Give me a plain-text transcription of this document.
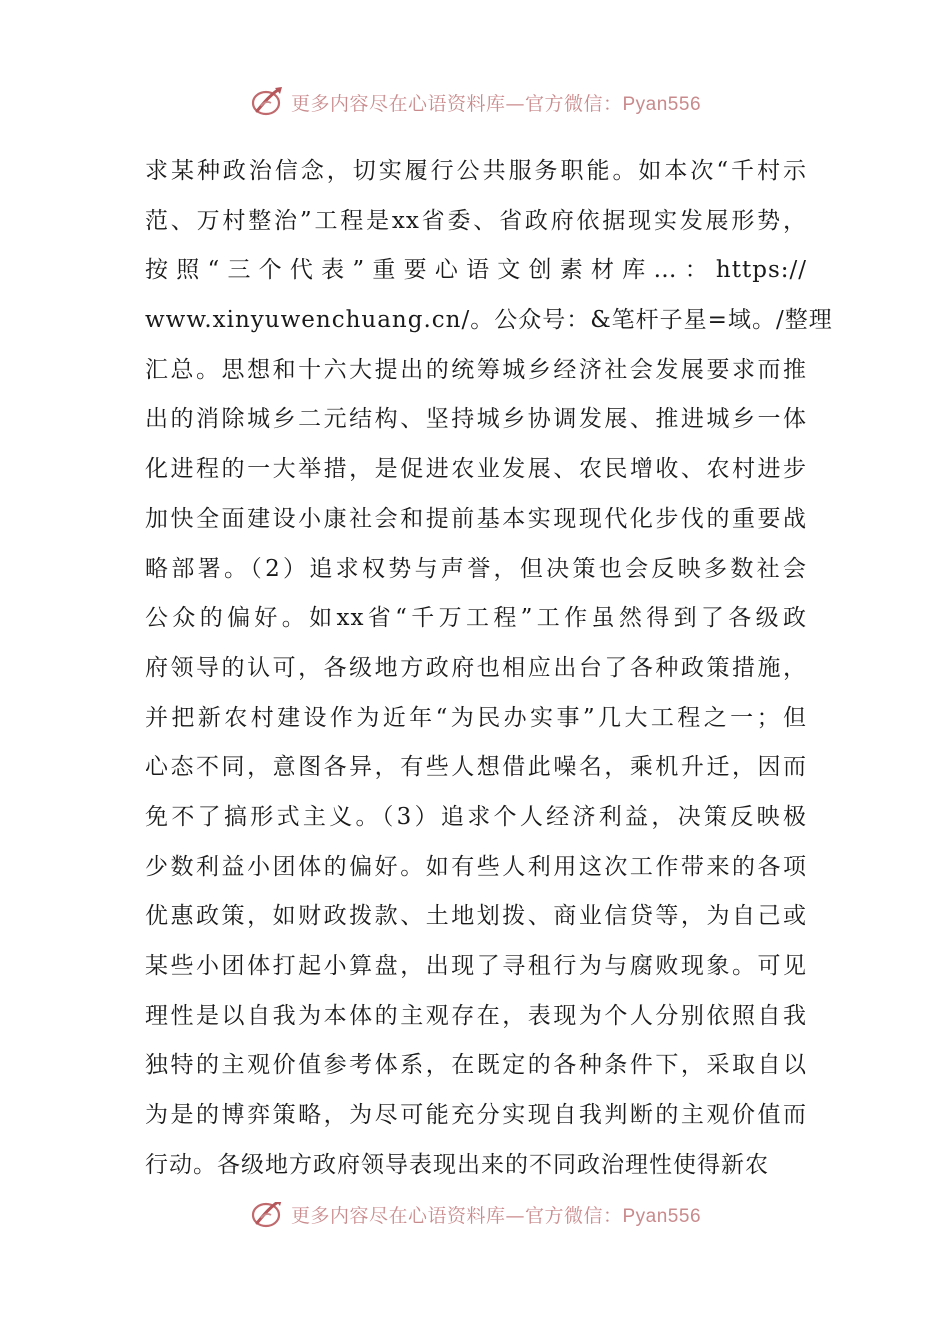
更多内容尽在心语资料库—官方微信：Pyan556
求某种政治信念，切实履行公共服务职能。如本次“千村示
范、万村整治”工程是xx省委、省政府依据现实发展形势，
按照“三个代表”重要心语文创素材库…：https://
www.xinyuwenchuang.cn/。公众号：&笔杆子星=域。/整理
汇总。思想和十六大提出的统筹城乡经济社会发展要求而推
出的消除城乡二元结构、坚持城乡协调发展、推进城乡一体
化进程的一大举措，是促进农业发展、农民增收、农村进步
加快全面建设小康社会和提前基本实现现代化步伐的重要战
略部署。（2）追求权势与声誉，但决策也会反映多数社会
公众的偏好。如xx省“千万工程”工作虽然得到了各级政
府领导的认可，各级地方政府也相应出台了各种政策措施，
并把新农村建设作为近年“为民办实事”几大工程之一；但
心态不同，意图各异，有些人想借此噪名，乘机升迁，因而
免不了搞形式主义。（3）追求个人经济利益，决策反映极
少数利益小团体的偏好。如有些人利用这次工作带来的各项
优惠政策，如财政拨款、土地划拨、商业信贷等，为自己或
某些小团体打起小算盘，出现了寻租行为与腐败现象。可见
理性是以自我为本体的主观存在，表现为个人分别依照自我
独特的主观价值参考体系，在既定的各种条件下，采取自以
为是的博弈策略，为尽可能充分实现自我判断的主观价值而
行动。各级地方政府领导表现出来的不同政治理性使得新农
更多内容尽在心语资料库—官方微信：Pyan556
